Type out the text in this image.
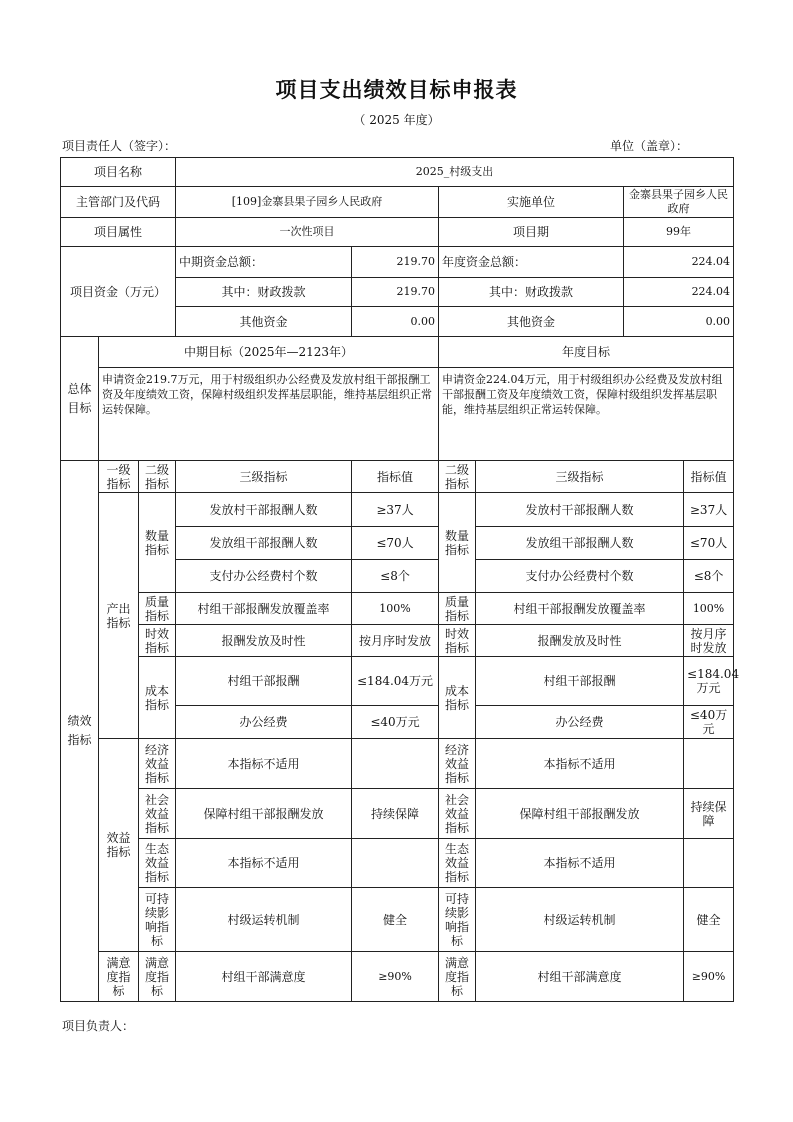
项目支出绩效目标申报表
（ 2025 年度）
项目责任人（签字）：	单位（盖章）：
项目名称			2025_村级支出					
主管部门及代码			[109]金寨县果子园乡人民政府		实施单位		金寨县果子园乡人民政府	
项目属性			一次性项目		项目期		99年	
项目资金（万元）			中期资金总额：	219.70	年度资金总额：		224.04	
			其中：财政拨款	219.70	其中：财政拨款		224.04	
			其他资金	0.00	其他资金		0.00	
总体目标	中期目标（2025年—2123年）				年度目标			
	申请资金219.7万元，用于村级组织办公经费及发放村组干部报酬工资及年度绩效工资，保障村级组织发挥基层职能，维持基层组织正常运转保障。				申请资金224.04万元，用于村级组织办公经费及发放村组干部报酬工资及年度绩效工资，保障村级组织发挥基层职能，维持基层组织正常运转保障。			
绩效指标	一级指标	二级指标	三级指标	指标值	二级指标	三级指标		指标值
	产出指标	数量指标	发放村干部报酬人数	≥37人	数量指标	发放村干部报酬人数		≥37人
			发放组干部报酬人数	≤70人		发放组干部报酬人数		≤70人
			支付办公经费村个数	≤8个		支付办公经费村个数		≤8个
		质量指标	村组干部报酬发放覆盖率	100%	质量指标	村组干部报酬发放覆盖率		100%
		时效指标	报酬发放及时性	按月序时发放	时效指标	报酬发放及时性		按月序时发放
		成本指标	村组干部报酬	≤184.04万元	成本指标	村组干部报酬		≤184.04万元
			办公经费	≤40万元		办公经费		≤40万元
	效益指标	经济效益指标	本指标不适用		经济效益指标	本指标不适用		
		社会效益指标	保障村组干部报酬发放	持续保障	社会效益指标	保障村组干部报酬发放		持续保障
		生态效益指标	本指标不适用		生态效益指标	本指标不适用		
		可持续影响指标	村级运转机制	健全	可持续影响指标	村级运转机制		健全
	满意度指标	满意度指标	村组干部满意度	≥90%	满意度指标	村组干部满意度		≥90%
项目负责人：
